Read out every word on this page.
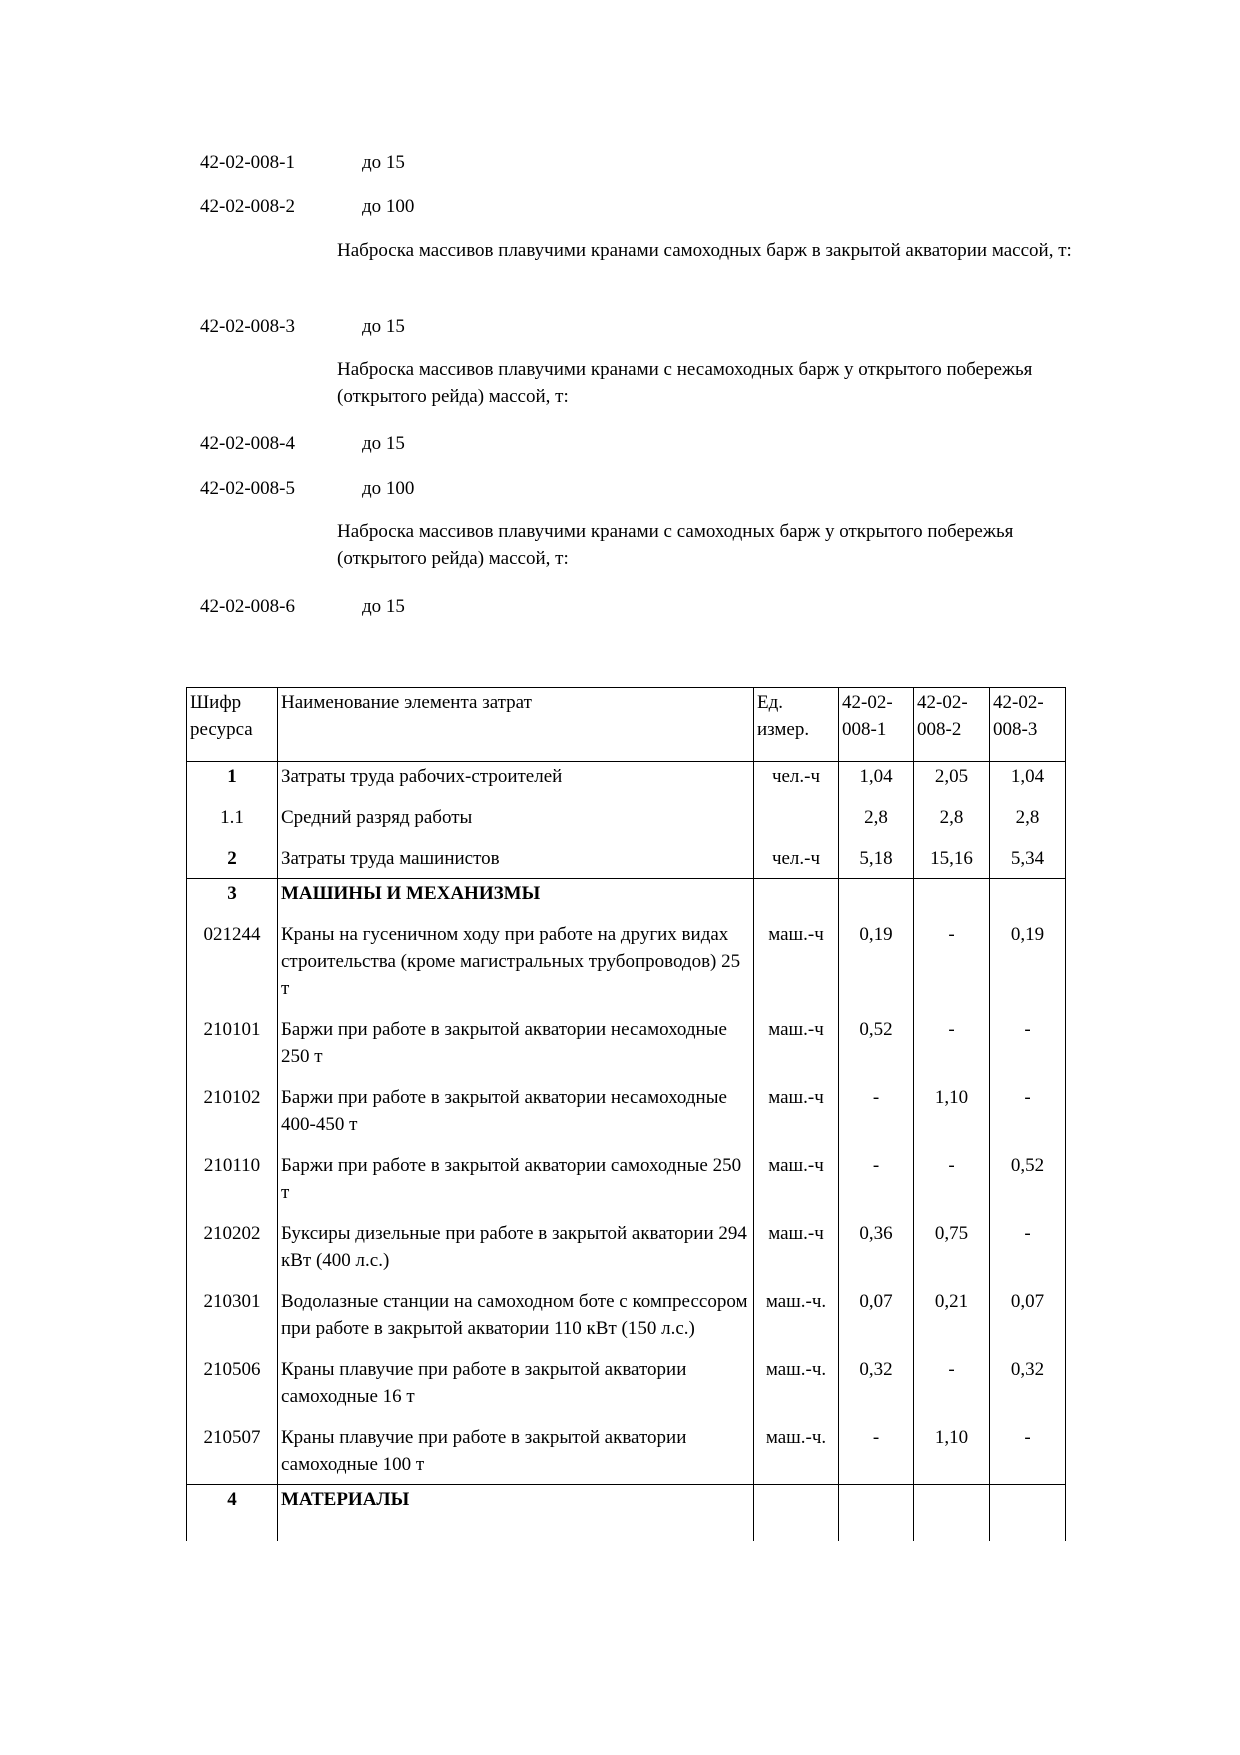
42-02-008-1	до 15
42-02-008-2	до 100
Наброска массивов плавучими кранами самоходных барж в закрытой акватории массой, т:
42-02-008-3	до 15
Наброска массивов плавучими кранами с несамоходных барж у открытого побережья (открытого рейда) массой, т:
42-02-008-4	до 15
42-02-008-5	до 100
Наброска массивов плавучими кранами с самоходных барж у открытого побережья (открытого рейда) массой, т:
42-02-008-6	до 15
Шифр ресурса	Наименование элемента затрат	Ед. измер.	42-02-008-1	42-02-008-2	42-02-008-3
1	Затраты труда рабочих-строителей	чел.-ч	1,04	2,05	1,04
1.1	Средний разряд работы		2,8	2,8	2,8
2	Затраты труда машинистов	чел.-ч	5,18	15,16	5,34
3	МАШИНЫ И МЕХАНИЗМЫ				
021244	Краны на гусеничном ходу при работе на других видах строительства (кроме магистральных трубопроводов) 25 т	маш.-ч	0,19	-	0,19
210101	Баржи при работе в закрытой акватории несамоходные 250 т	маш.-ч	0,52	-	-
210102	Баржи при работе в закрытой акватории несамоходные 400-450 т	маш.-ч	-	1,10	-
210110	Баржи при работе в закрытой акватории самоходные 250 т	маш.-ч	-	-	0,52
210202	Буксиры дизельные при работе в закрытой акватории 294 кВт (400 л.с.)	маш.-ч	0,36	0,75	-
210301	Водолазные станции на самоходном боте с компрессором при работе в закрытой акватории 110 кВт (150 л.с.)	маш.-ч.	0,07	0,21	0,07
210506	Краны плавучие при работе в закрытой акватории самоходные 16 т	маш.-ч.	0,32	-	0,32
210507	Краны плавучие при работе в закрытой акватории самоходные 100 т	маш.-ч.	-	1,10	-
4	МАТЕРИАЛЫ				
